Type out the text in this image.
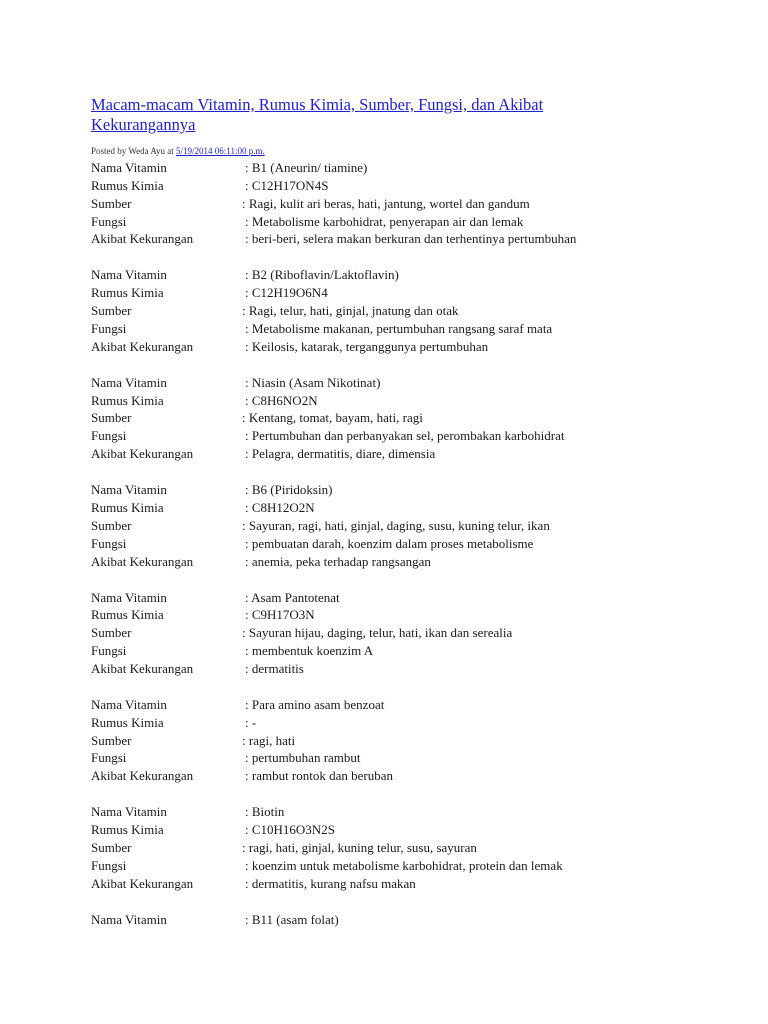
Macam-macam Vitamin, Rumus Kimia, Sumber, Fungsi, dan Akibat Kekurangannya
Posted by Weda Ayu at 5/19/2014 06:11:00 p.m.
Nama Vitamin	: B1 (Aneurin/ tiamine)
Rumus Kimia	: C12H17ON4S
Sumber	: Ragi, kulit ari beras, hati, jantung, wortel dan gandum
Fungsi	: Metabolisme karbohidrat, penyerapan air dan lemak
Akibat Kekurangan	: beri-beri, selera makan berkuran dan terhentinya pertumbuhan
Nama Vitamin	: B2 (Riboflavin/Laktoflavin)
Rumus Kimia	: C12H19O6N4
Sumber	: Ragi, telur, hati, ginjal, jnatung dan otak
Fungsi	: Metabolisme makanan, pertumbuhan rangsang saraf mata
Akibat Kekurangan	: Keilosis, katarak, terganggunya pertumbuhan
Nama Vitamin	: Niasin (Asam Nikotinat)
Rumus Kimia	: C8H6NO2N
Sumber	: Kentang, tomat, bayam, hati, ragi
Fungsi	: Pertumbuhan dan perbanyakan sel, perombakan karbohidrat
Akibat Kekurangan	: Pelagra, dermatitis, diare, dimensia
Nama Vitamin	: B6 (Piridoksin)
Rumus Kimia	: C8H12O2N
Sumber	: Sayuran, ragi, hati, ginjal, daging, susu, kuning telur, ikan
Fungsi	: pembuatan darah, koenzim dalam proses metabolisme
Akibat Kekurangan	: anemia, peka terhadap rangsangan
Nama Vitamin	: Asam Pantotenat
Rumus Kimia	: C9H17O3N
Sumber	: Sayuran hijau, daging, telur, hati, ikan dan serealia
Fungsi	: membentuk koenzim A
Akibat Kekurangan	: dermatitis
Nama Vitamin	: Para amino asam benzoat
Rumus Kimia	: -
Sumber	: ragi, hati
Fungsi	: pertumbuhan rambut
Akibat Kekurangan	: rambut rontok dan beruban
Nama Vitamin	: Biotin
Rumus Kimia	: C10H16O3N2S
Sumber	: ragi, hati, ginjal, kuning telur, susu, sayuran
Fungsi	: koenzim untuk metabolisme karbohidrat, protein dan lemak
Akibat Kekurangan	: dermatitis, kurang nafsu makan
Nama Vitamin	: B11 (asam folat)
